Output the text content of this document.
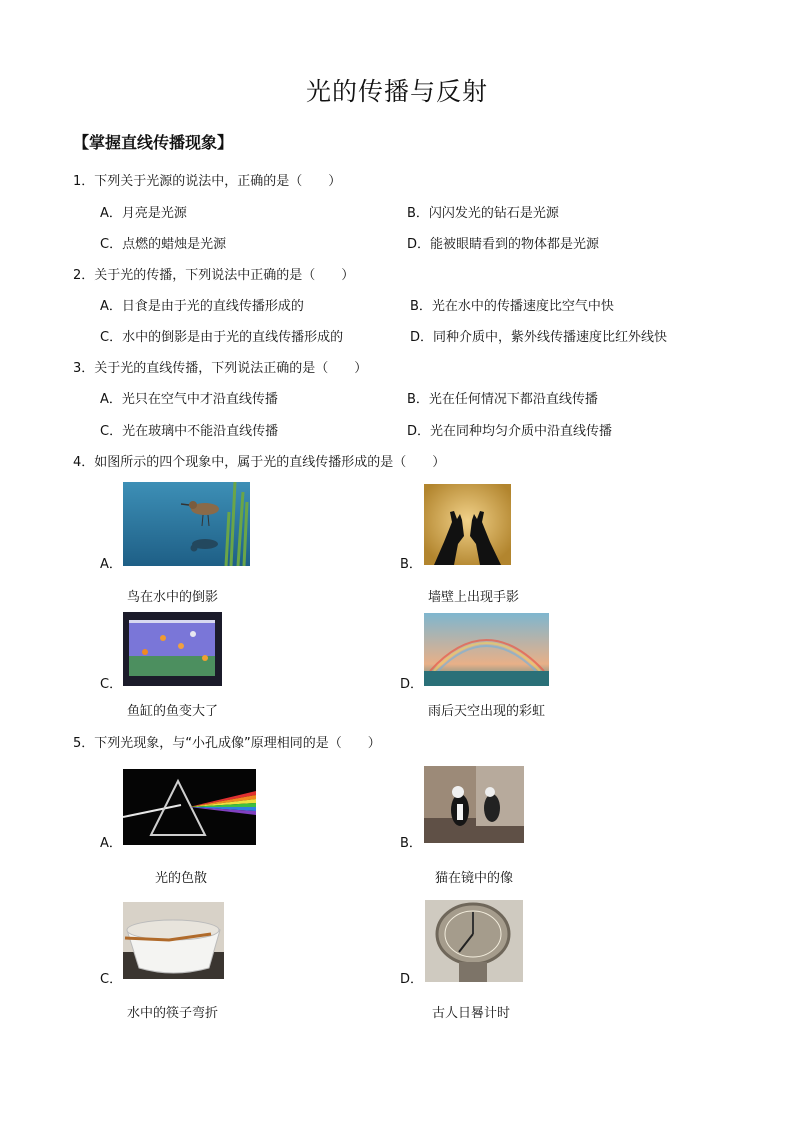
光的传播与反射
【掌握直线传播现象】
1．下列关于光源的说法中，正确的是（　　）
A．月亮是光源	B．闪闪发光的钻石是光源
C．点燃的蜡烛是光源	D．能被眼睛看到的物体都是光源
2．关于光的传播，下列说法中正确的是（　　）
A．日食是由于光的直线传播形成的	B．光在水中的传播速度比空气中快
C．水中的倒影是由于光的直线传播形成的	D．同种介质中，紫外线传播速度比红外线快
3．关于光的直线传播，下列说法正确的是（　　）
A．光只在空气中才沿直线传播	B．光在任何情况下都沿直线传播
C．光在玻璃中不能沿直线传播	D．光在同种均匀介质中沿直线传播
4．如图所示的四个现象中，属于光的直线传播形成的是（　　）
A．
鸟在水中的倒影
B．
墙壁上出现手影
C．
鱼缸的鱼变大了
D．
雨后天空出现的彩虹
5．下列光现象，与“小孔成像”原理相同的是（　　）
A．
光的色散
B．
猫在镜中的像
C．
水中的筷子弯折
D．
古人日晷计时
